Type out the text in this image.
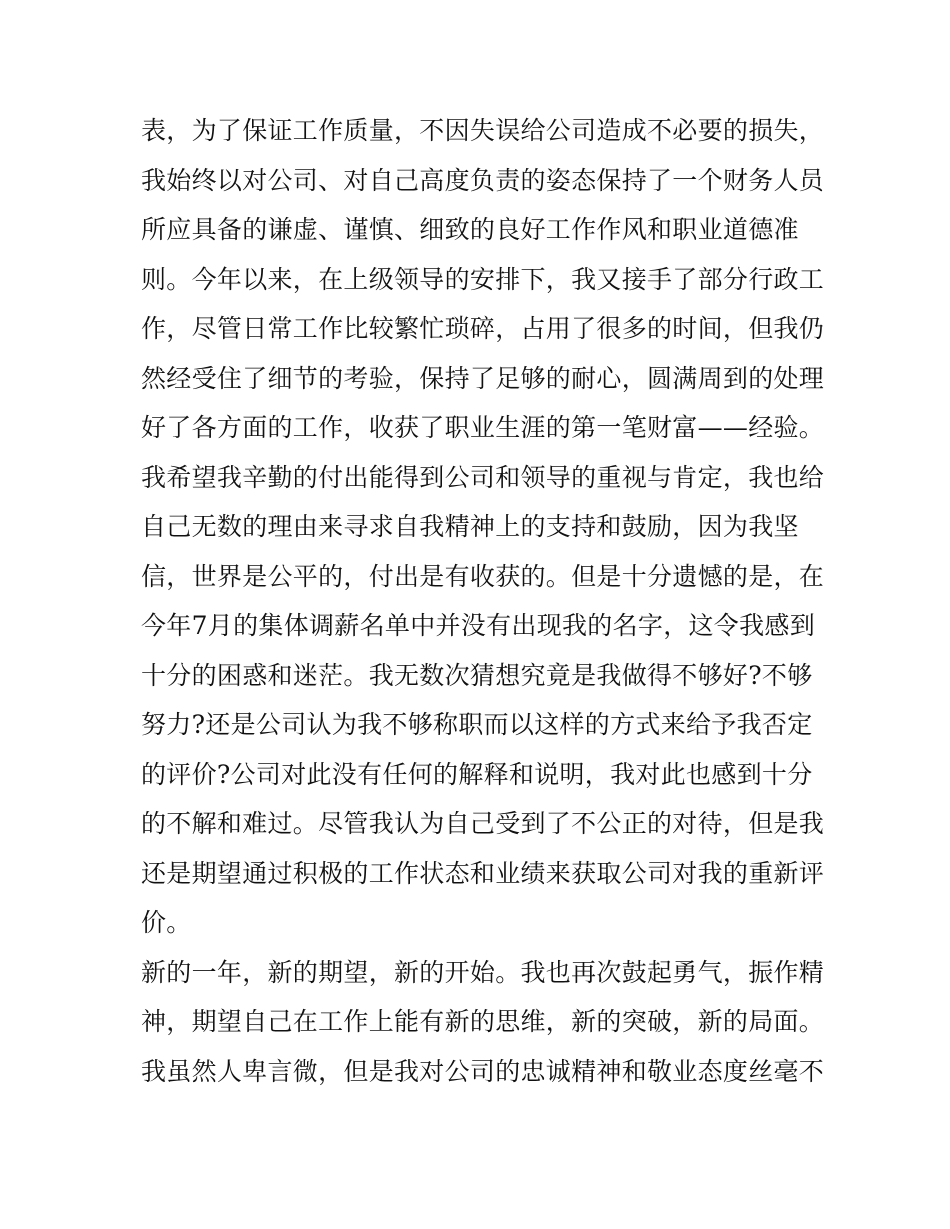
表，为了保证工作质量，不因失误给公司造成不必要的损失，
我始终以对公司、对自己高度负责的姿态保持了一个财务人员
所应具备的谦虚、谨慎、细致的良好工作作风和职业道德准
则。今年以来，在上级领导的安排下，我又接手了部分行政工
作，尽管日常工作比较繁忙琐碎，占用了很多的时间，但我仍
然经受住了细节的考验，保持了足够的耐心，圆满周到的处理
好了各方面的工作，收获了职业生涯的第一笔财富——经验。
我希望我辛勤的付出能得到公司和领导的重视与肯定，我也给
自己无数的理由来寻求自我精神上的支持和鼓励，因为我坚
信，世界是公平的，付出是有收获的。但是十分遗憾的是，在
今年7月的集体调薪名单中并没有出现我的名字，这令我感到
十分的困惑和迷茫。我无数次猜想究竟是我做得不够好?不够
努力?还是公司认为我不够称职而以这样的方式来给予我否定
的评价?公司对此没有任何的解释和说明，我对此也感到十分
的不解和难过。尽管我认为自己受到了不公正的对待，但是我
还是期望通过积极的工作状态和业绩来获取公司对我的重新评
价。
新的一年，新的期望，新的开始。我也再次鼓起勇气，振作精
神，期望自己在工作上能有新的思维，新的突破，新的局面。
我虽然人卑言微，但是我对公司的忠诚精神和敬业态度丝毫不
